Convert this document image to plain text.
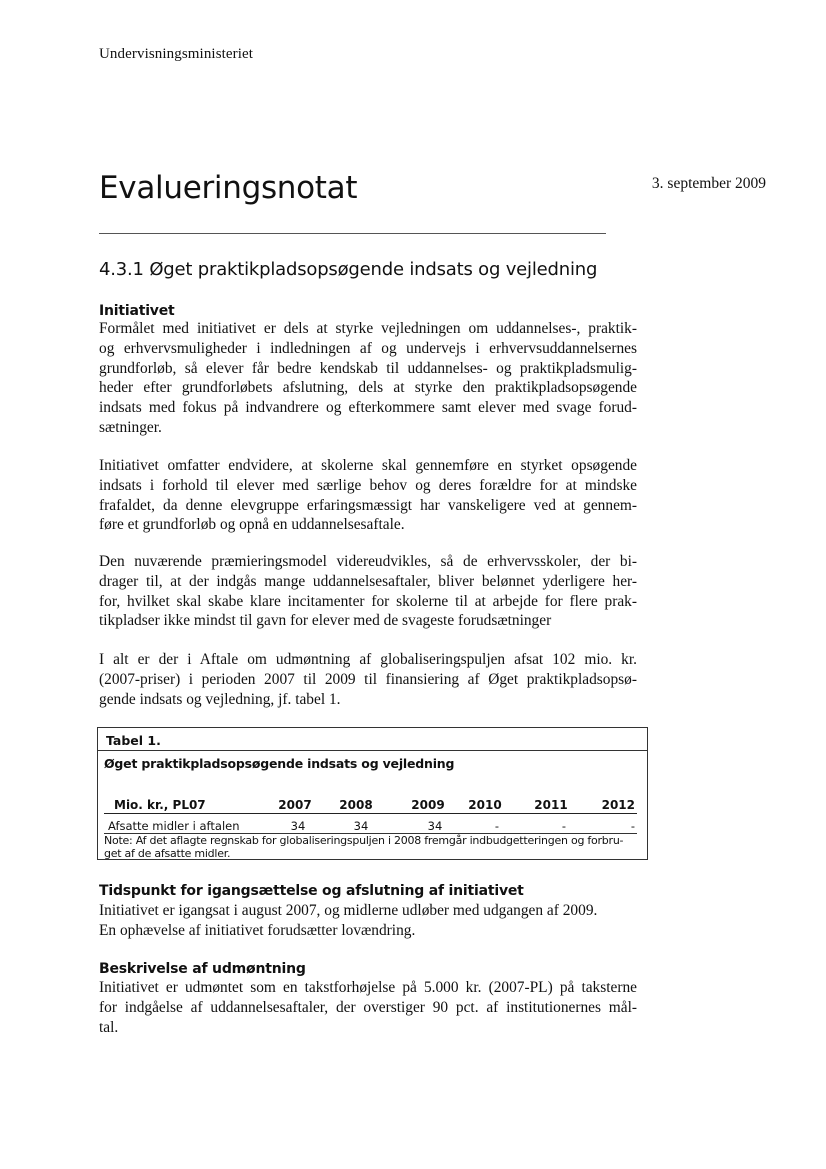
Undervisningsministeriet
Evalueringsnotat	3. september 2009
4.3.1 Øget praktikpladsopsøgende indsats og vejledning
Initiativet

Formålet med initiativet er dels at styrke vejledningen om uddannelses-, praktik-
og erhvervsmuligheder i indledningen af og undervejs i erhvervsuddannelsernes
grundforløb, så elever får bedre kendskab til uddannelses- og praktikpladsmulig-
heder efter grundforløbets afslutning, dels at styrke den praktikpladsopsøgende
indsats med fokus på indvandrere og efterkommere samt elever med svage forud-
sætninger.

Initiativet omfatter endvidere, at skolerne skal gennemføre en styrket opsøgende
indsats i forhold til elever med særlige behov og deres forældre for at mindske
frafaldet, da denne elevgruppe erfaringsmæssigt har vanskeligere ved at gennem-
føre et grundforløb og opnå en uddannelsesaftale.

Den nuværende præmieringsmodel videreudvikles, så de erhvervsskoler, der bi-
drager til, at der indgås mange uddannelsesaftaler, bliver belønnet yderligere her-
for, hvilket skal skabe klare incitamenter for skolerne til at arbejde for flere prak-
tikpladser ikke mindst til gavn for elever med de svageste forudsætninger

I alt er der i Aftale om udmøntning af globaliseringspuljen afsat 102 mio. kr.
(2007-priser) i perioden 2007 til 2009 til finansiering af Øget praktikpladsopsø-
gende indsats og vejledning, jf. tabel 1.

Tabel 1.
Øget praktikpladsopsøgende indsats og vejledning
Mio. kr., PL07	2007	2008	2009	2010	2011	2012
Afsatte midler i aftalen	34	34	34	-	-	-
Note: Af det aflagte regnskab for globaliseringspuljen i 2008 fremgår indbudgetteringen og forbru-
get af de afsatte midler.
Tidspunkt for igangsættelse og afslutning af initiativet

Initiativet er igangsat i august 2007, og midlerne udløber med udgangen af 2009.
En ophævelse af initiativet forudsætter lovændring.

Beskrivelse af udmøntning

Initiativet er udmøntet som en takstforhøjelse på 5.000 kr. (2007-PL) på taksterne
for indgåelse af uddannelsesaftaler, der overstiger 90 pct. af institutionernes mål-
tal.
